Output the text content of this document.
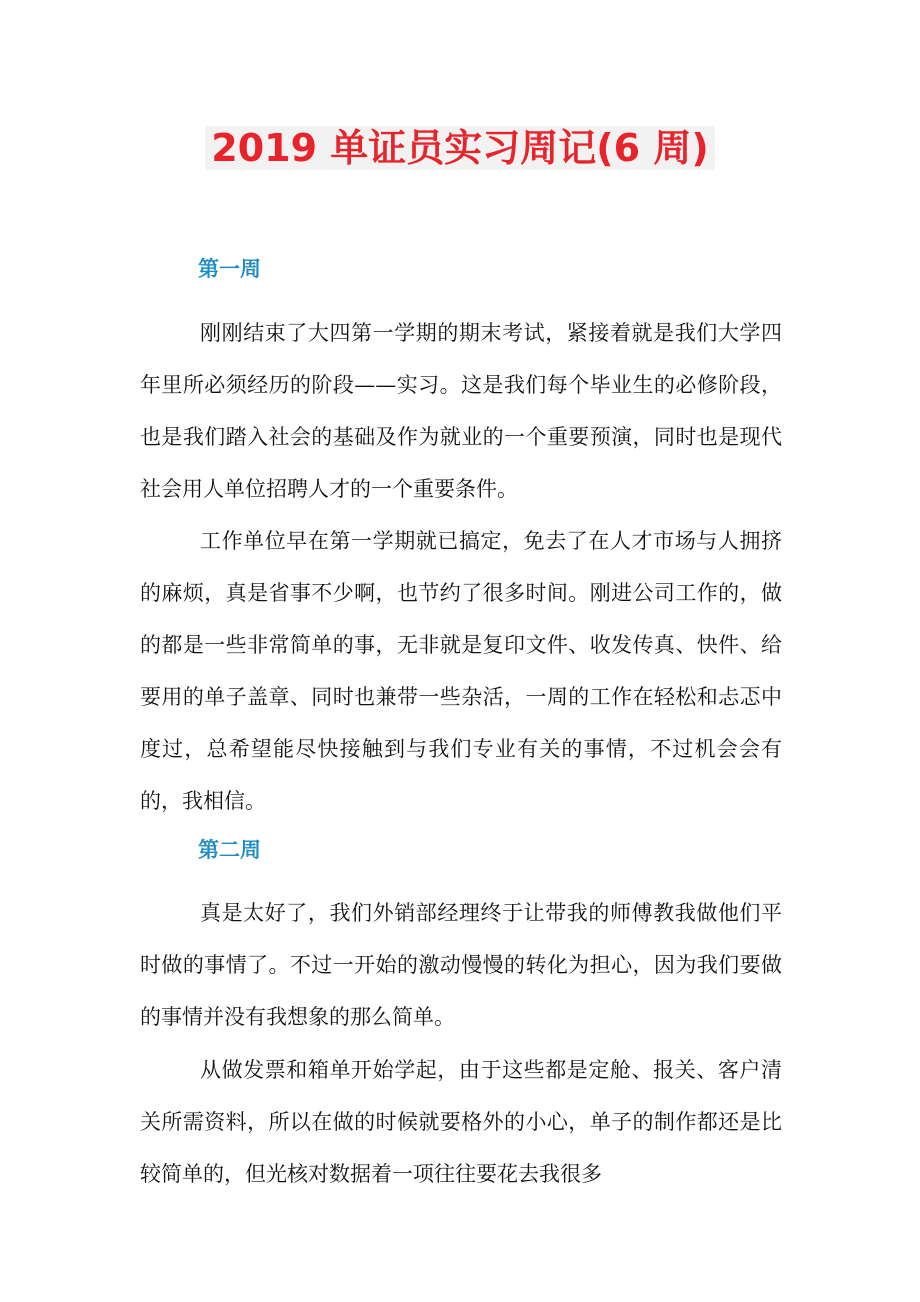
2019 单证员实习周记(6 周)
第一周
刚刚结束了大四第一学期的期末考试，紧接着就是我们大学四年里所必须经历的阶段——实习。这是我们每个毕业生的必修阶段，也是我们踏入社会的基础及作为就业的一个重要预演，同时也是现代社会用人单位招聘人才的一个重要条件。
工作单位早在第一学期就已搞定，免去了在人才市场与人拥挤的麻烦，真是省事不少啊，也节约了很多时间。刚进公司工作的，做的都是一些非常简单的事，无非就是复印文件、收发传真、快件、给要用的单子盖章、同时也兼带一些杂活，一周的工作在轻松和忐忑中度过，总希望能尽快接触到与我们专业有关的事情，不过机会会有的，我相信。
第二周
真是太好了，我们外销部经理终于让带我的师傅教我做他们平时做的事情了。不过一开始的激动慢慢的转化为担心，因为我们要做的事情并没有我想象的那么简单。
从做发票和箱单开始学起，由于这些都是定舱、报关、客户清关所需资料，所以在做的时候就要格外的小心，单子的制作都还是比较简单的，但光核对数据着一项往往要花去我很多
